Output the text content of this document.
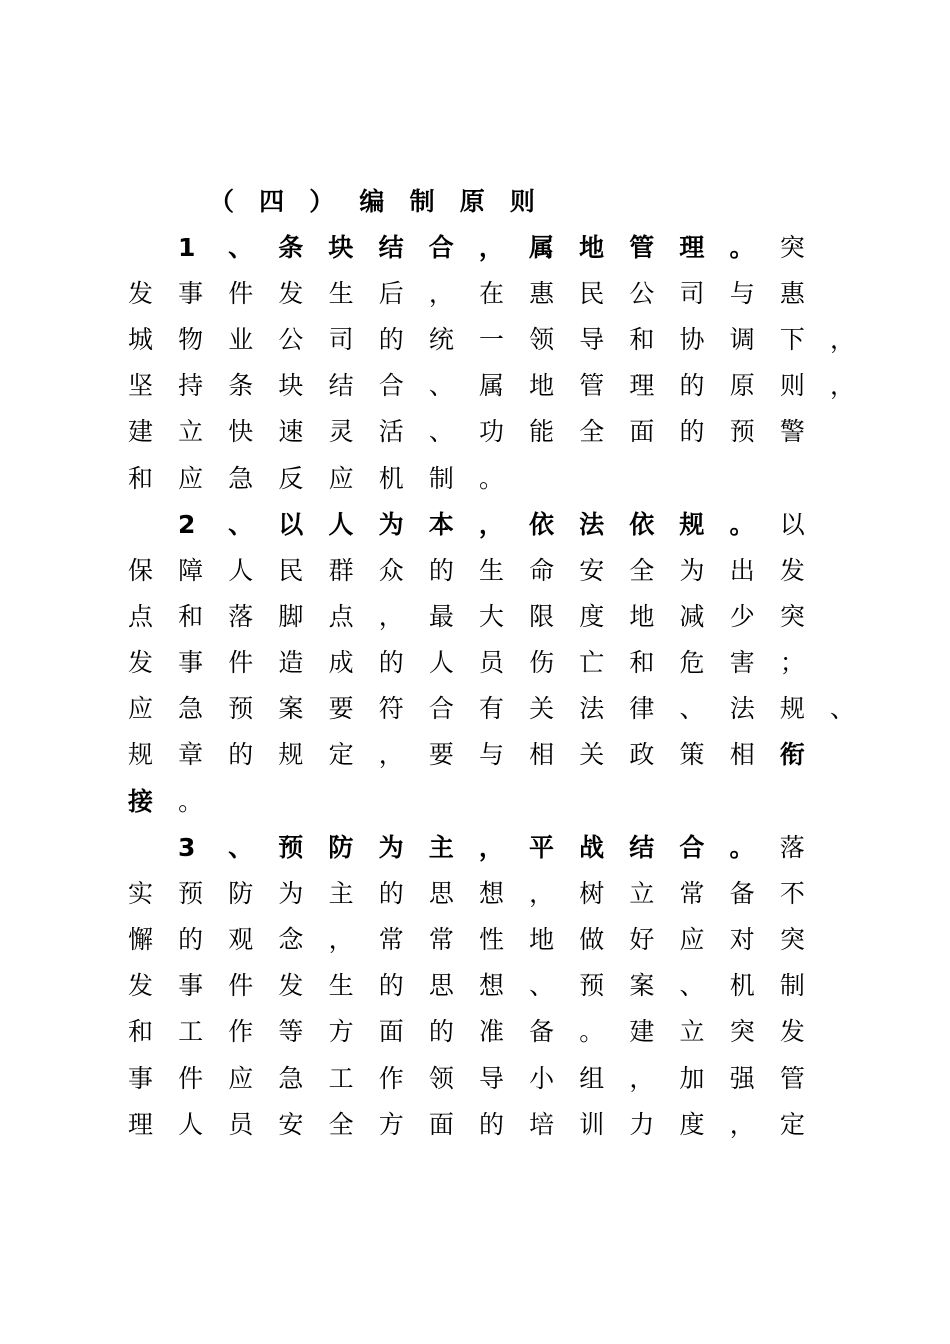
（ 四 ） 编 制 原 则
1 、 条 块 结 合 ， 属 地 管 理 。 突
发 事 件 发 生 后 ， 在 惠 民 公 司 与 惠
城 物 业 公 司 的 统 一 领 导 和 协 调 下 ，
坚 持 条 块 结 合 、 属 地 管 理 的 原 则 ，
建 立 快 速 灵 活 、 功 能 全 面 的 预 警
和 应 急 反 应 机 制 。
2 、 以 人 为 本 ， 依 法 依 规 。 以
保 障 人 民 群 众 的 生 命 安 全 为 出 发
点 和 落 脚 点 ， 最 大 限 度 地 减 少 突
发 事 件 造 成 的 人 员 伤 亡 和 危 害 ；
应 急 预 案 要 符 合 有 关 法 律 、 法 规 、
规 章 的 规 定 ， 要 与 相 关 政 策 相 衔
接 。
3 、 预 防 为 主 ， 平 战 结 合 。 落
实 预 防 为 主 的 思 想 ， 树 立 常 备 不
懈 的 观 念 ， 常 常 性 地 做 好 应 对 突
发 事 件 发 生 的 思 想 、 预 案 、 机 制
和 工 作 等 方 面 的 准 备 。 建 立 突 发
事 件 应 急 工 作 领 导 小 组 ， 加 强 管
理 人 员 安 全 方 面 的 培 训 力 度 ， 定
